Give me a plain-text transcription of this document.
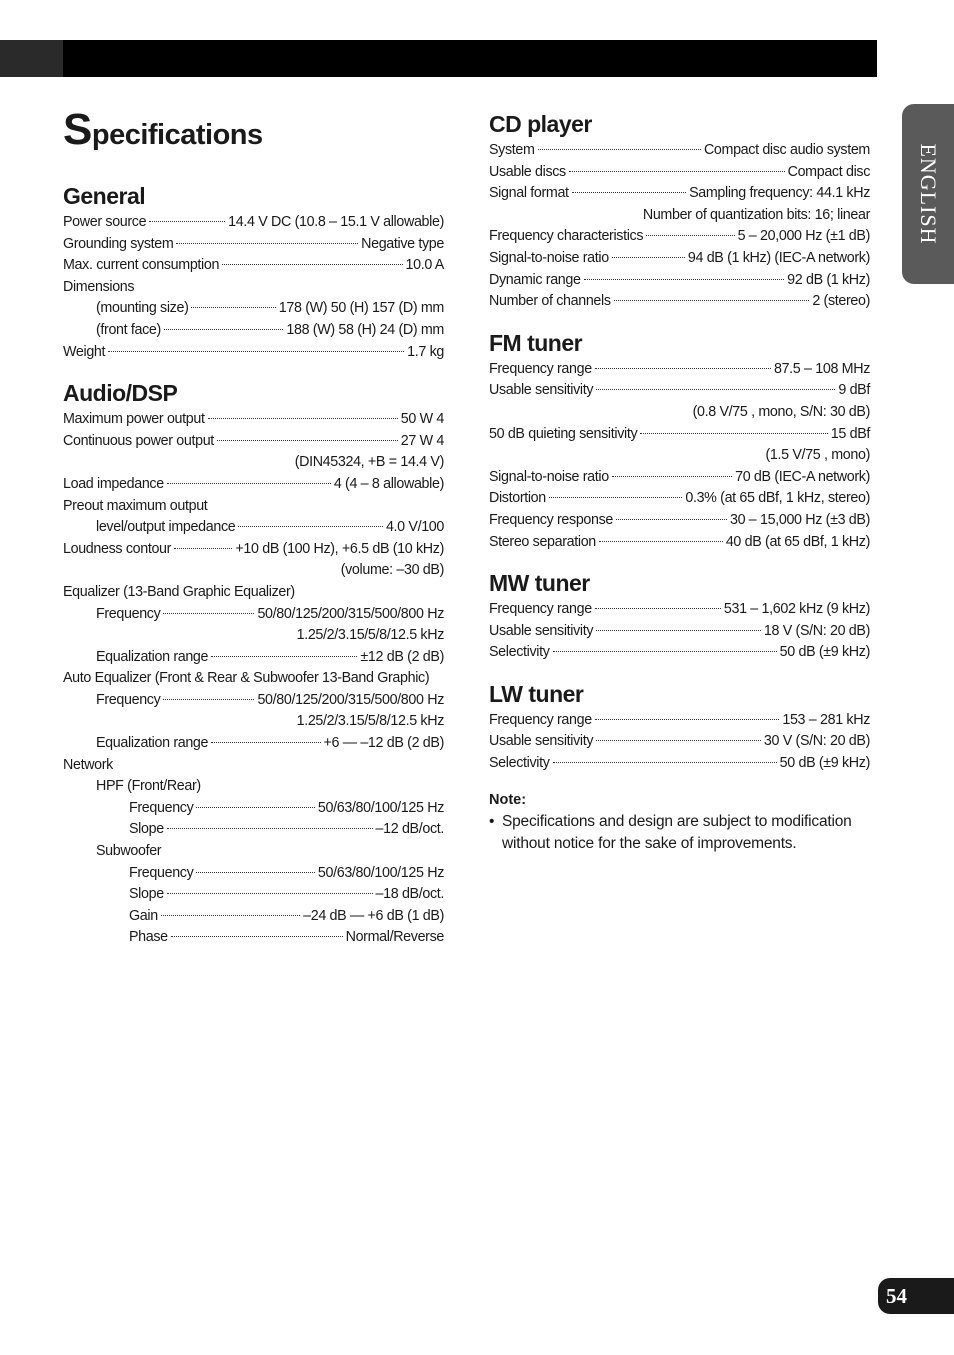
ENGLISH
54
Specifications
General
Power source	14.4 V DC (10.8 – 15.1 V allowable)
Grounding system	Negative type
Max. current consumption	10.0 A
Dimensions
(mounting size)	178 (W) 50 (H) 157 (D) mm
(front face)	188 (W) 58 (H) 24 (D) mm
Weight	1.7 kg
Audio/DSP
Maximum power output	50 W 4
Continuous power output	27 W 4
(DIN45324, +B = 14.4 V)
Load impedance	4 (4 – 8 allowable)
Preout maximum output
level/output impedance	4.0 V/100
Loudness contour	+10 dB (100 Hz), +6.5 dB (10 kHz)
(volume: –30 dB)
Equalizer (13-Band Graphic Equalizer)
Frequency	50/80/125/200/315/500/800 Hz
1.25/2/3.15/5/8/12.5 kHz
Equalization range	±12 dB (2 dB)
Auto Equalizer (Front & Rear & Subwoofer 13-Band Graphic)
Frequency	50/80/125/200/315/500/800 Hz
1.25/2/3.15/5/8/12.5 kHz
Equalization range	+6 — –12 dB (2 dB)
Network
HPF (Front/Rear)
Frequency	50/63/80/100/125 Hz
Slope	–12 dB/oct.
Subwoofer
Frequency	50/63/80/100/125 Hz
Slope	–18 dB/oct.
Gain	–24 dB — +6 dB (1 dB)
Phase	Normal/Reverse
CD player
System	Compact disc audio system
Usable discs	Compact disc
Signal format	Sampling frequency: 44.1 kHz
Number of quantization bits: 16; linear
Frequency characteristics	5 – 20,000 Hz (±1 dB)
Signal-to-noise ratio	94 dB (1 kHz) (IEC-A network)
Dynamic range	92 dB (1 kHz)
Number of channels	2 (stereo)
FM tuner
Frequency range	87.5 – 108 MHz
Usable sensitivity	9 dBf
(0.8 V/75 , mono, S/N: 30 dB)
50 dB quieting sensitivity	15 dBf
(1.5 V/75 , mono)
Signal-to-noise ratio	70 dB (IEC-A network)
Distortion	0.3% (at 65 dBf, 1 kHz, stereo)
Frequency response	30 – 15,000 Hz (±3 dB)
Stereo separation	40 dB (at 65 dBf, 1 kHz)
MW tuner
Frequency range	531 – 1,602 kHz (9 kHz)
Usable sensitivity	18 V (S/N: 20 dB)
Selectivity	50 dB (±9 kHz)
LW tuner
Frequency range	153 – 281 kHz
Usable sensitivity	30 V (S/N: 20 dB)
Selectivity	50 dB (±9 kHz)
Note:
• Specifications and design are subject to modification without notice for the sake of improvements.
